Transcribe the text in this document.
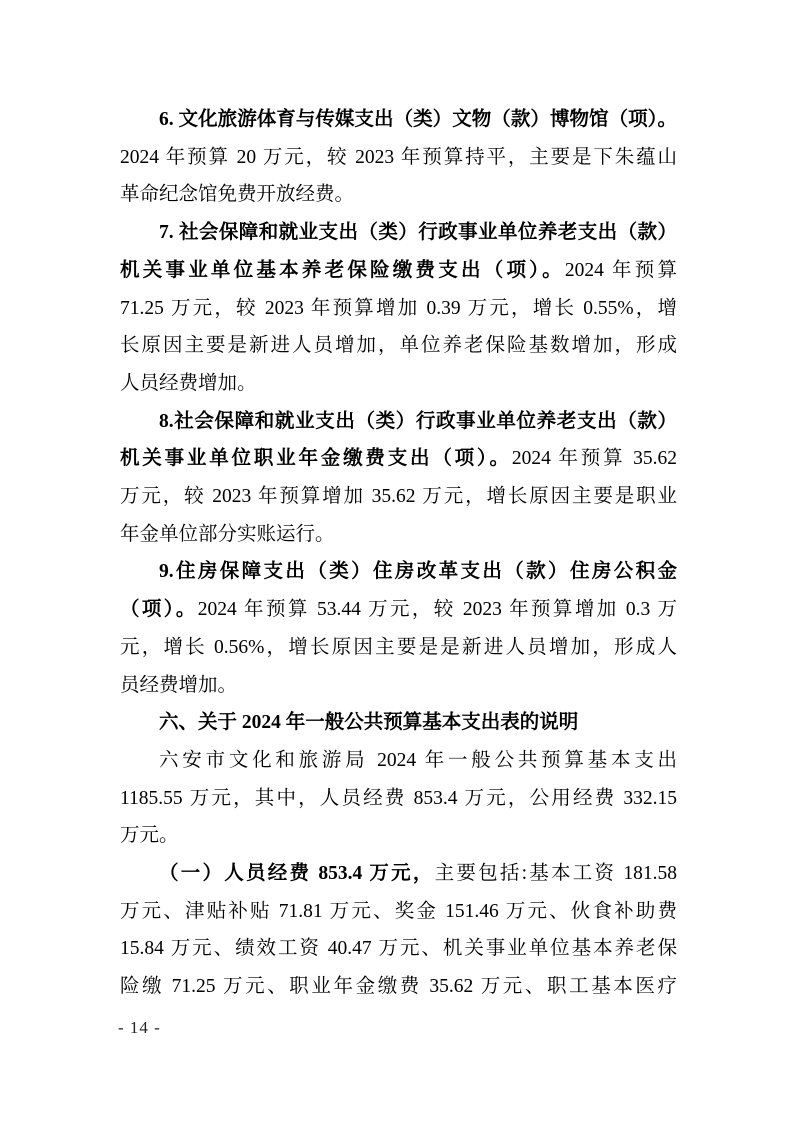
6. 文化旅游体育与传媒支出（类）文物（款）博物馆（项）。
2024 年预算 20 万元，较 2023 年预算持平，主要是下朱蕴山
革命纪念馆免费开放经费。
7. 社会保障和就业支出（类）行政事业单位养老支出（款）
机关事业单位基本养老保险缴费支出（项）。2024 年预算
71.25 万元，较 2023 年预算增加 0.39 万元，增长 0.55%，增
长原因主要是新进人员增加，单位养老保险基数增加，形成
人员经费增加。
8.社会保障和就业支出（类）行政事业单位养老支出（款）
机关事业单位职业年金缴费支出（项）。2024 年预算 35.62
万元，较 2023 年预算增加 35.62 万元，增长原因主要是职业
年金单位部分实账运行。
9.住房保障支出（类）住房改革支出（款）住房公积金
（项）。2024 年预算 53.44 万元，较 2023 年预算增加 0.3 万
元，增长 0.56%，增长原因主要是是新进人员增加，形成人
员经费增加。
六、关于 2024 年一般公共预算基本支出表的说明
六安市文化和旅游局 2024 年一般公共预算基本支出
1185.55 万元，其中，人员经费 853.4 万元，公用经费 332.15
万元。
（一）人员经费 853.4 万元，主要包括:基本工资 181.58
万元、津贴补贴 71.81 万元、奖金 151.46 万元、伙食补助费
15.84 万元、绩效工资 40.47 万元、机关事业单位基本养老保
险缴 71.25 万元、职业年金缴费 35.62 万元、职工基本医疗
- 14 -
